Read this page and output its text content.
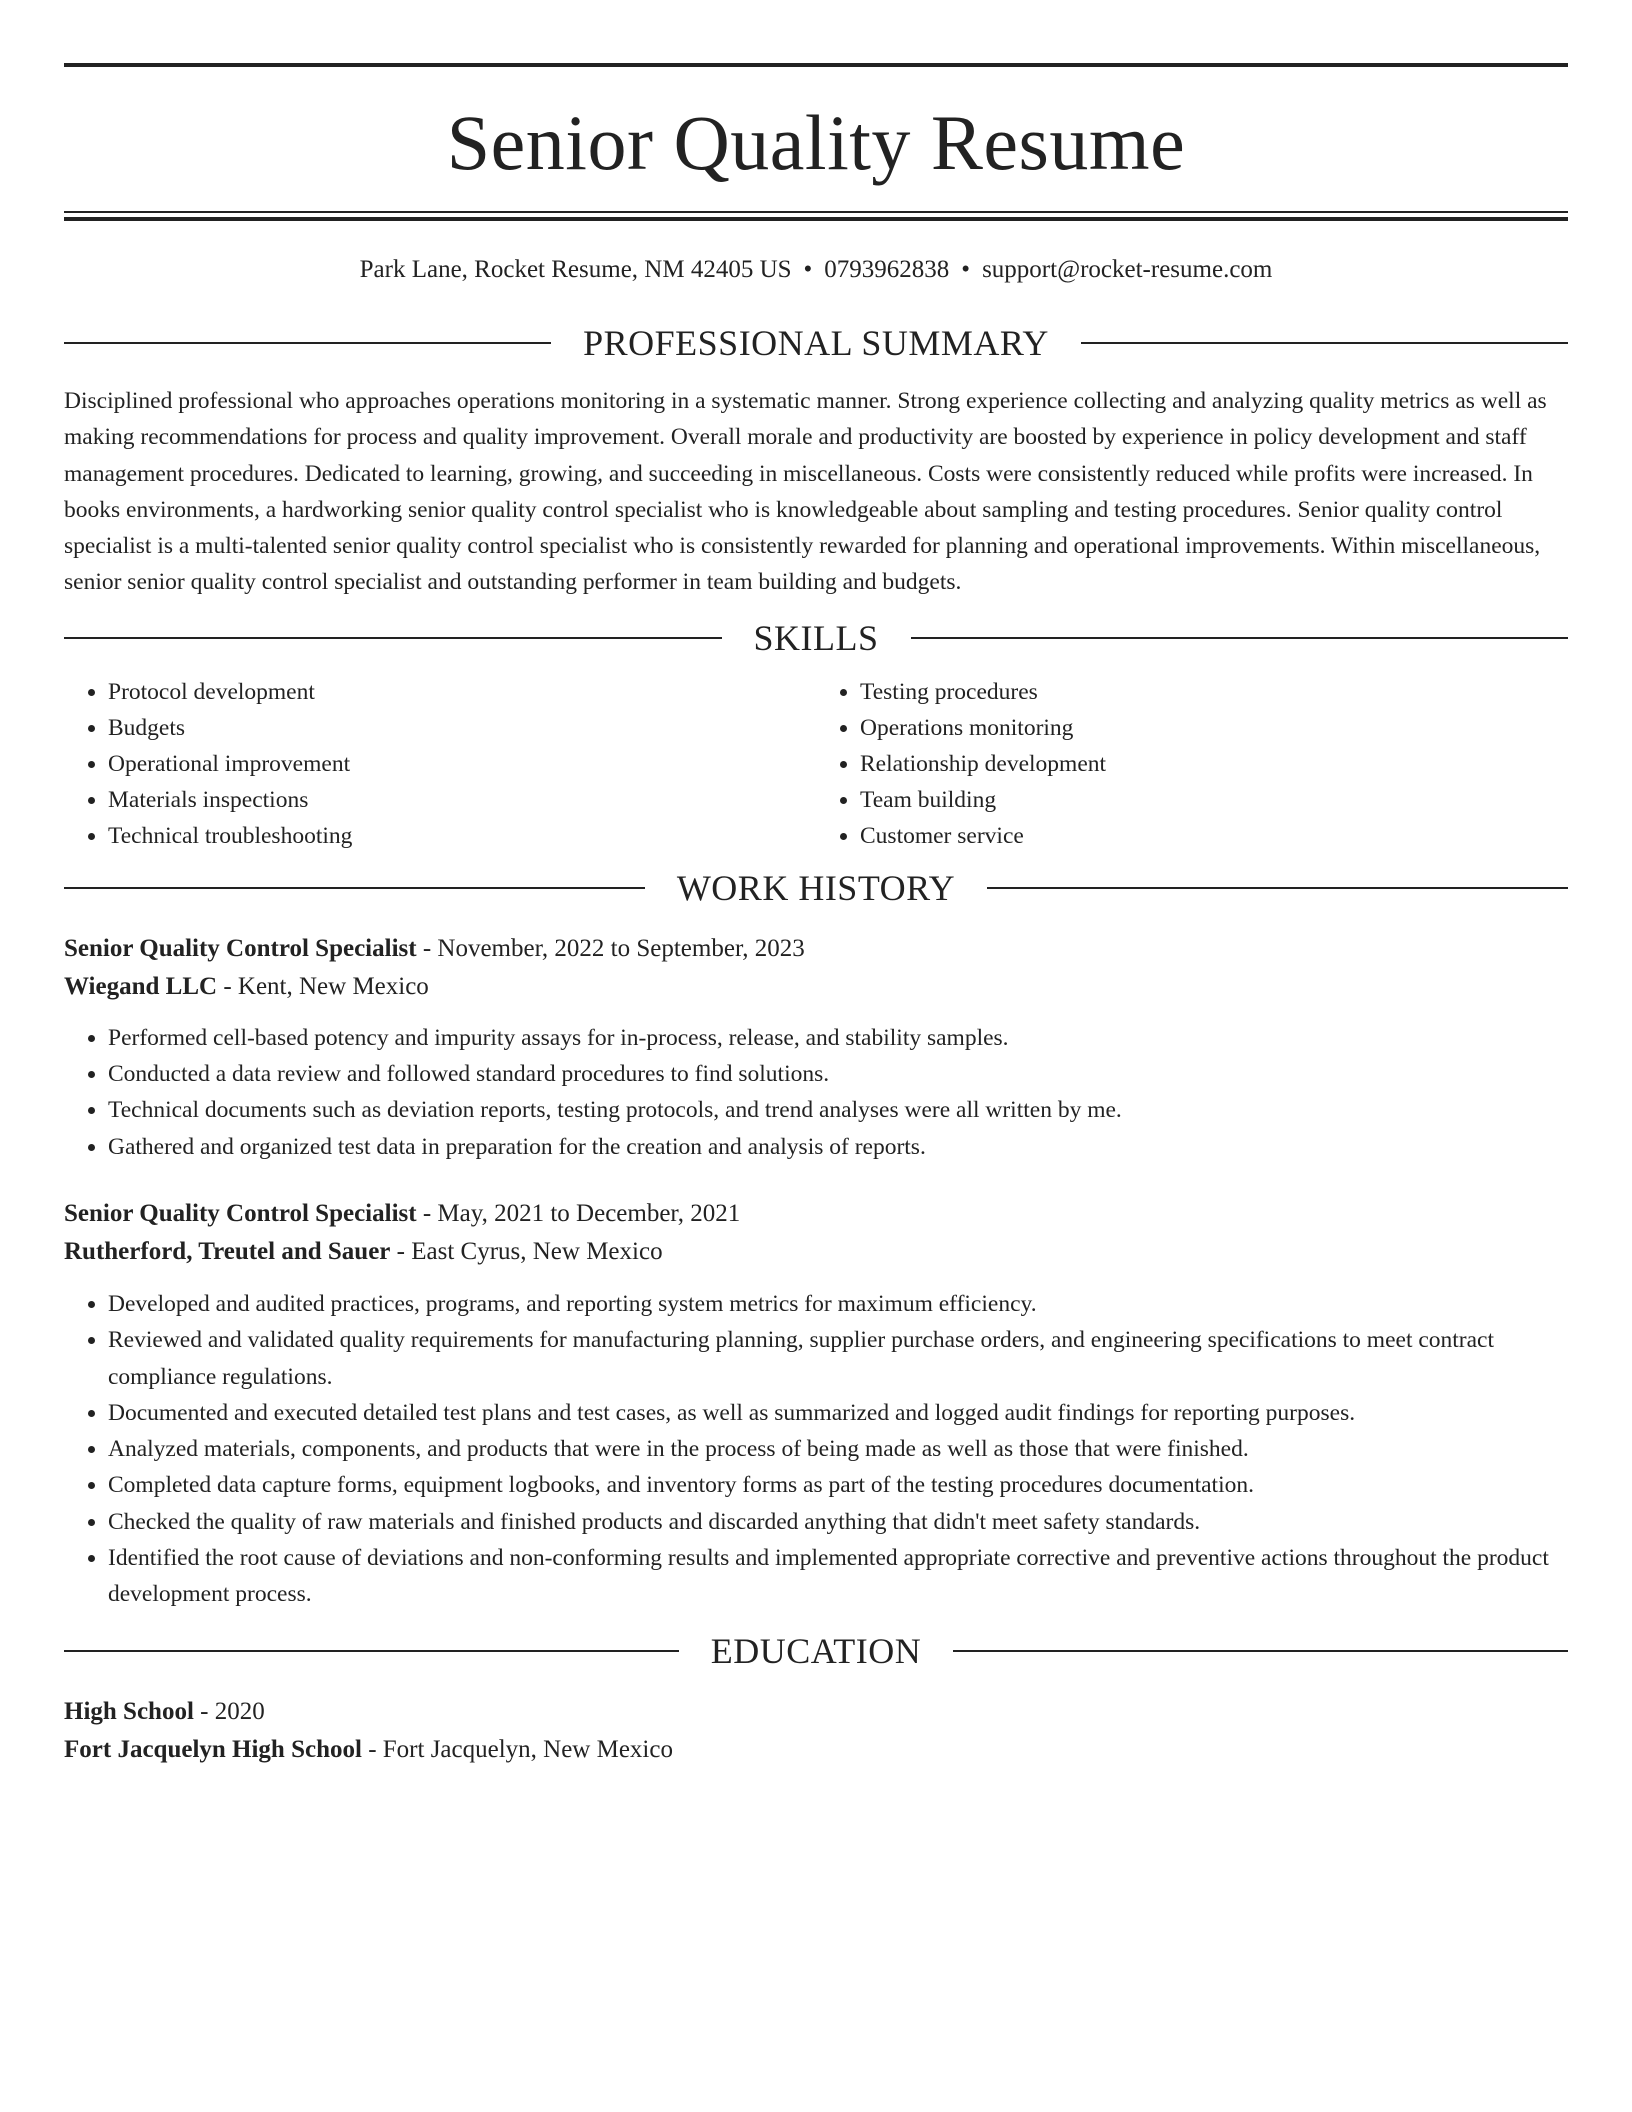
Senior Quality Resume
Park Lane, Rocket Resume, NM 42405 US • 0793962838 • support@rocket-resume.com
PROFESSIONAL SUMMARY

Disciplined professional who approaches operations monitoring in a systematic manner. Strong experience collecting and analyzing quality metrics as well as making recommendations for process and quality improvement. Overall morale and productivity are boosted by experience in policy development and staff management procedures. Dedicated to learning, growing, and succeeding in miscellaneous. Costs were consistently reduced while profits were increased. In books environments, a hardworking senior quality control specialist who is knowledgeable about sampling and testing procedures. Senior quality control specialist is a multi-talented senior quality control specialist who is consistently rewarded for planning and operational improvements. Within miscellaneous, senior senior quality control specialist and outstanding performer in team building and budgets.

SKILLS
• Protocol development
• Budgets
• Operational improvement
• Materials inspections
• Technical troubleshooting
• Testing procedures
• Operations monitoring
• Relationship development
• Team building
• Customer service
WORK HISTORY
Senior Quality Control Specialist - November, 2022 to September, 2023
Wiegand LLC - Kent, New Mexico
• Performed cell-based potency and impurity assays for in-process, release, and stability samples.
• Conducted a data review and followed standard procedures to find solutions.
• Technical documents such as deviation reports, testing protocols, and trend analyses were all written by me.
• Gathered and organized test data in preparation for the creation and analysis of reports.
Senior Quality Control Specialist - May, 2021 to December, 2021
Rutherford, Treutel and Sauer - East Cyrus, New Mexico
• Developed and audited practices, programs, and reporting system metrics for maximum efficiency.
• Reviewed and validated quality requirements for manufacturing planning, supplier purchase orders, and engineering specifications to meet contract compliance regulations.
• Documented and executed detailed test plans and test cases, as well as summarized and logged audit findings for reporting purposes.
• Analyzed materials, components, and products that were in the process of being made as well as those that were finished.
• Completed data capture forms, equipment logbooks, and inventory forms as part of the testing procedures documentation.
• Checked the quality of raw materials and finished products and discarded anything that didn't meet safety standards.
• Identified the root cause of deviations and non-conforming results and implemented appropriate corrective and preventive actions throughout the product development process.
EDUCATION
High School - 2020
Fort Jacquelyn High School - Fort Jacquelyn, New Mexico
